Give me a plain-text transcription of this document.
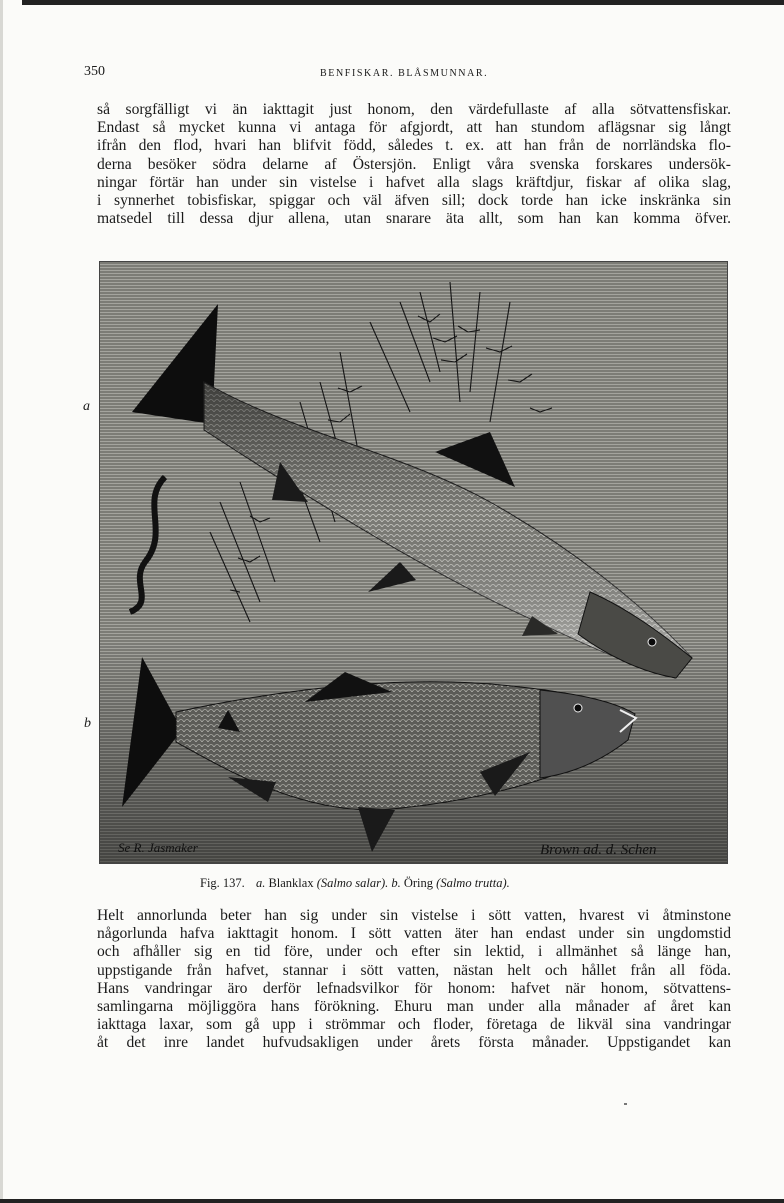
350	BENFISKAR. BLÅSMUNNAR.
så sorgfälligt vi än iakttagit just honom, den värdefullaste af alla sötvattensfiskar.
Endast så mycket kunna vi antaga för afgjordt, att han stundom aflägsnar sig långt
ifrån den flod, hvari han blifvit född, således t. ex. att han från de norrländska flo-
derna besöker södra delarne af Östersjön. Enligt våra svenska forskares undersök-
ningar förtär han under sin vistelse i hafvet alla slags kräftdjur, fiskar af olika slag,
i synnerhet tobisfiskar, spiggar och väl äfven sill; dock torde han icke inskränka sin
matsedel till dessa djur allena, utan snarare äta allt, som han kan komma öfver.
a
b
Se R. Jasmaker	Brown ad. d. Schen
Fig. 137. a. Blanklax (Salmo salar). b. Öring (Salmo trutta).
Helt annorlunda beter han sig under sin vistelse i sött vatten, hvarest vi åtminstone
någorlunda hafva iakttagit honom. I sött vatten äter han endast under sin ungdomstid
och afhåller sig en tid före, under och efter sin lektid, i allmänhet så länge han,
uppstigande från hafvet, stannar i sött vatten, nästan helt och hållet från all föda.
Hans vandringar äro derför lefnadsvilkor för honom: hafvet när honom, sötvattens-
samlingarna möjliggöra hans förökning. Ehuru man under alla månader af året kan
iakttaga laxar, som gå upp i strömmar och floder, företaga de likväl sina vandringar
åt det inre landet hufvudsakligen under årets första månader. Uppstigandet kan
